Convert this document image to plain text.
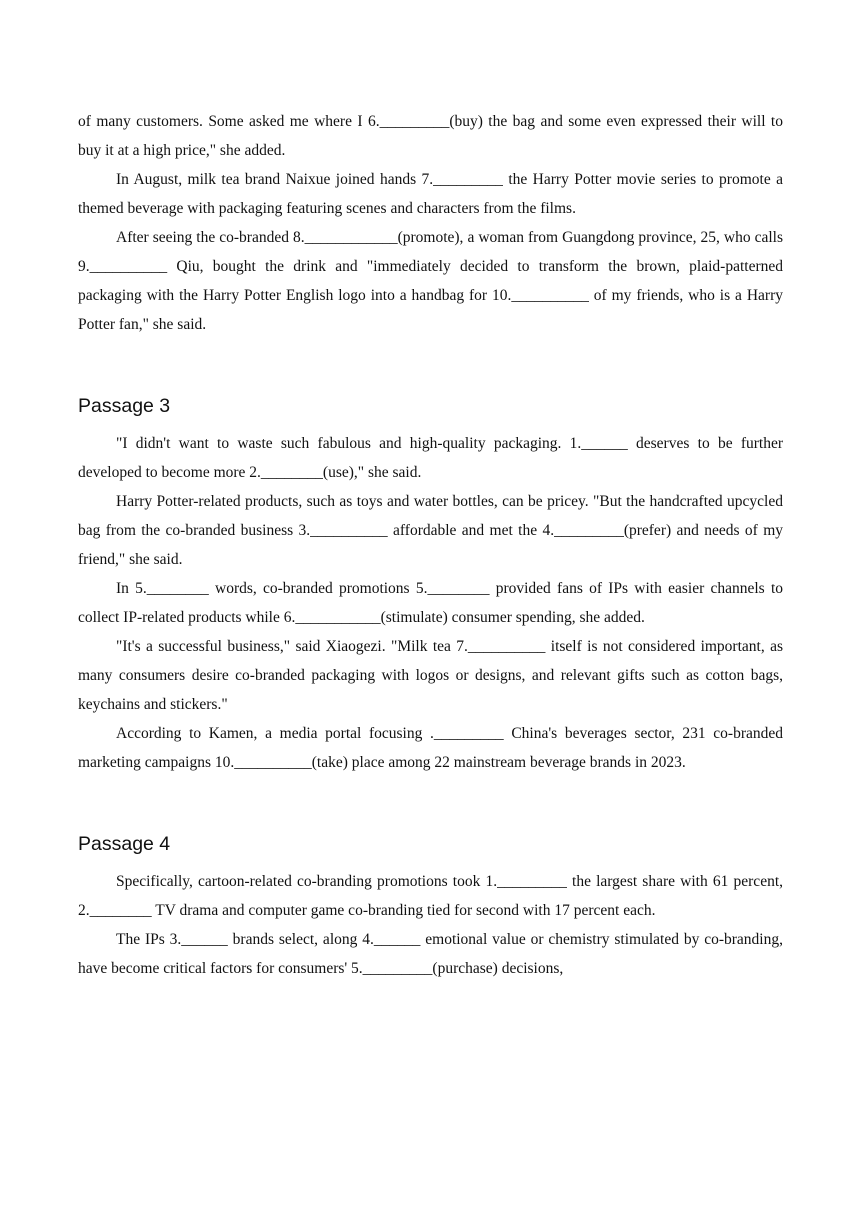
of many customers. Some asked me where I 6._________(buy) the bag and some even expressed their will to buy it at a high price," she added.

In August, milk tea brand Naixue joined hands 7._________ the Harry Potter movie series to promote a themed beverage with packaging featuring scenes and characters from the films.

After seeing the co-branded 8.____________(promote), a woman from Guangdong province, 25, who calls 9.__________ Qiu, bought the drink and "immediately decided to transform the brown, plaid-patterned packaging with the Harry Potter English logo into a handbag for 10.__________ of my friends, who is a Harry Potter fan," she said.

Passage 3

"I didn't want to waste such fabulous and high-quality packaging. 1.______ deserves to be further developed to become more 2.________(use)," she said.

Harry Potter-related products, such as toys and water bottles, can be pricey. "But the handcrafted upcycled bag from the co-branded business 3.__________ affordable and met the 4._________(prefer) and needs of my friend," she said.

In 5.________ words, co-branded promotions 5.________ provided fans of IPs with easier channels to collect IP-related products while 6.___________(stimulate) consumer spending, she added.

"It's a successful business," said Xiaogezi. "Milk tea 7.__________ itself is not considered important, as many consumers desire co-branded packaging with logos or designs, and relevant gifts such as cotton bags, keychains and stickers."

According to Kamen, a media portal focusing ._________ China's beverages sector, 231 co-branded marketing campaigns 10.__________(take) place among 22 mainstream beverage brands in 2023.

Passage 4

Specifically, cartoon-related co-branding promotions took 1._________ the largest share with 61 percent, 2.________ TV drama and computer game co-branding tied for second with 17 percent each.

The IPs 3.______ brands select, along 4.______ emotional value or chemistry stimulated by co-branding, have become critical factors for consumers' 5._________(purchase) decisions,
